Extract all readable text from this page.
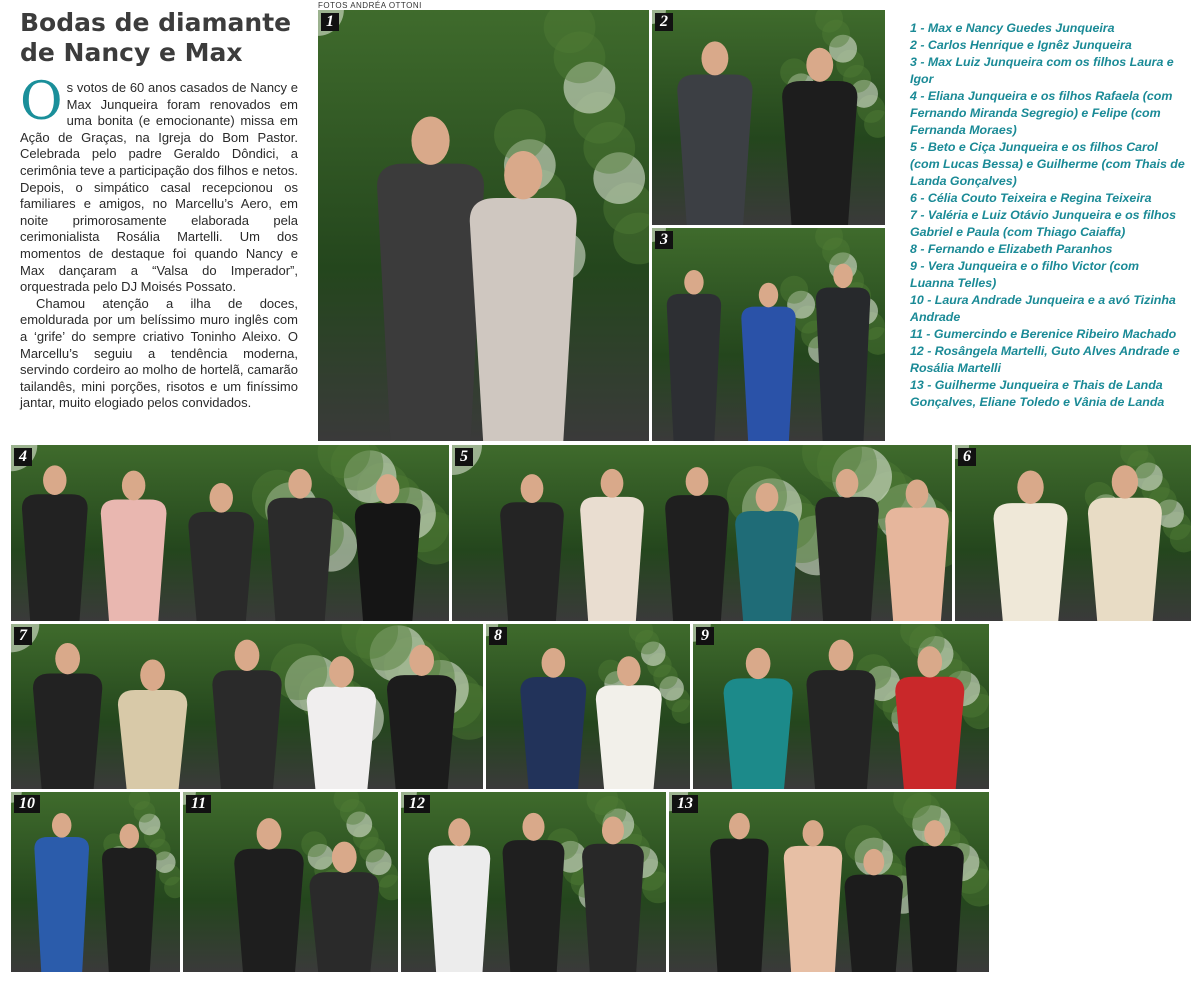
Bodas de diamante de Nancy e Max

Os votos de 60 anos casados de Nancy e Max Junqueira foram renovados em uma bonita (e emocionante) missa em Ação de Graças, na Igreja do Bom Pastor. Celebrada pelo padre Geraldo Dôndici, a cerimônia teve a participação dos filhos e netos. Depois, o simpático casal recepcionou os familiares e amigos, no Marcellu’s Aero, em noite primorosamente elaborada pela cerimonialista Rosália Martelli. Um dos momentos de destaque foi quando Nancy e Max dançaram a “Valsa do Imperador”, orquestrada pelo DJ Moisés Possato.

Chamou atenção a ilha de doces, emoldurada por um belíssimo muro inglês com a ‘grife’ do sempre criativo Toninho Aleixo. O Marcellu’s seguiu a tendência moderna, servindo cordeiro ao molho de hortelã, camarão tailandês, mini porções, risotos e um finíssimo jantar, muito elogiado pelos convidados.

FOTOS ANDRÉA OTTONI
1	2
3
4	5	6
7	8	9
10	11	12	13
1 - Max e Nancy Guedes Junqueira
2 - Carlos Henrique e Ignêz Junqueira
3 - Max Luiz Junqueira com os filhos Laura e Igor
4 - Eliana Junqueira e os filhos Rafaela (com Fernando Miranda Segregio) e Felipe (com Fernanda Moraes)
5 - Beto e Ciça Junqueira e os filhos Carol (com Lucas Bessa) e Guilherme (com Thais de Landa Gonçalves)
6 - Célia Couto Teixeira e Regina Teixeira
7 - Valéria e Luiz Otávio Junqueira e os filhos Gabriel e Paula (com Thiago Caiaffa)
8 - Fernando e Elizabeth Paranhos
9 - Vera Junqueira e o filho Victor (com Luanna Telles)
10 - Laura Andrade Junqueira e a avó Tizinha Andrade
11 - Gumercindo e Berenice Ribeiro Machado
12 - Rosângela Martelli, Guto Alves Andrade e Rosália Martelli
13 - Guilherme Junqueira e Thais de Landa Gonçalves, Eliane Toledo e Vânia de Landa
